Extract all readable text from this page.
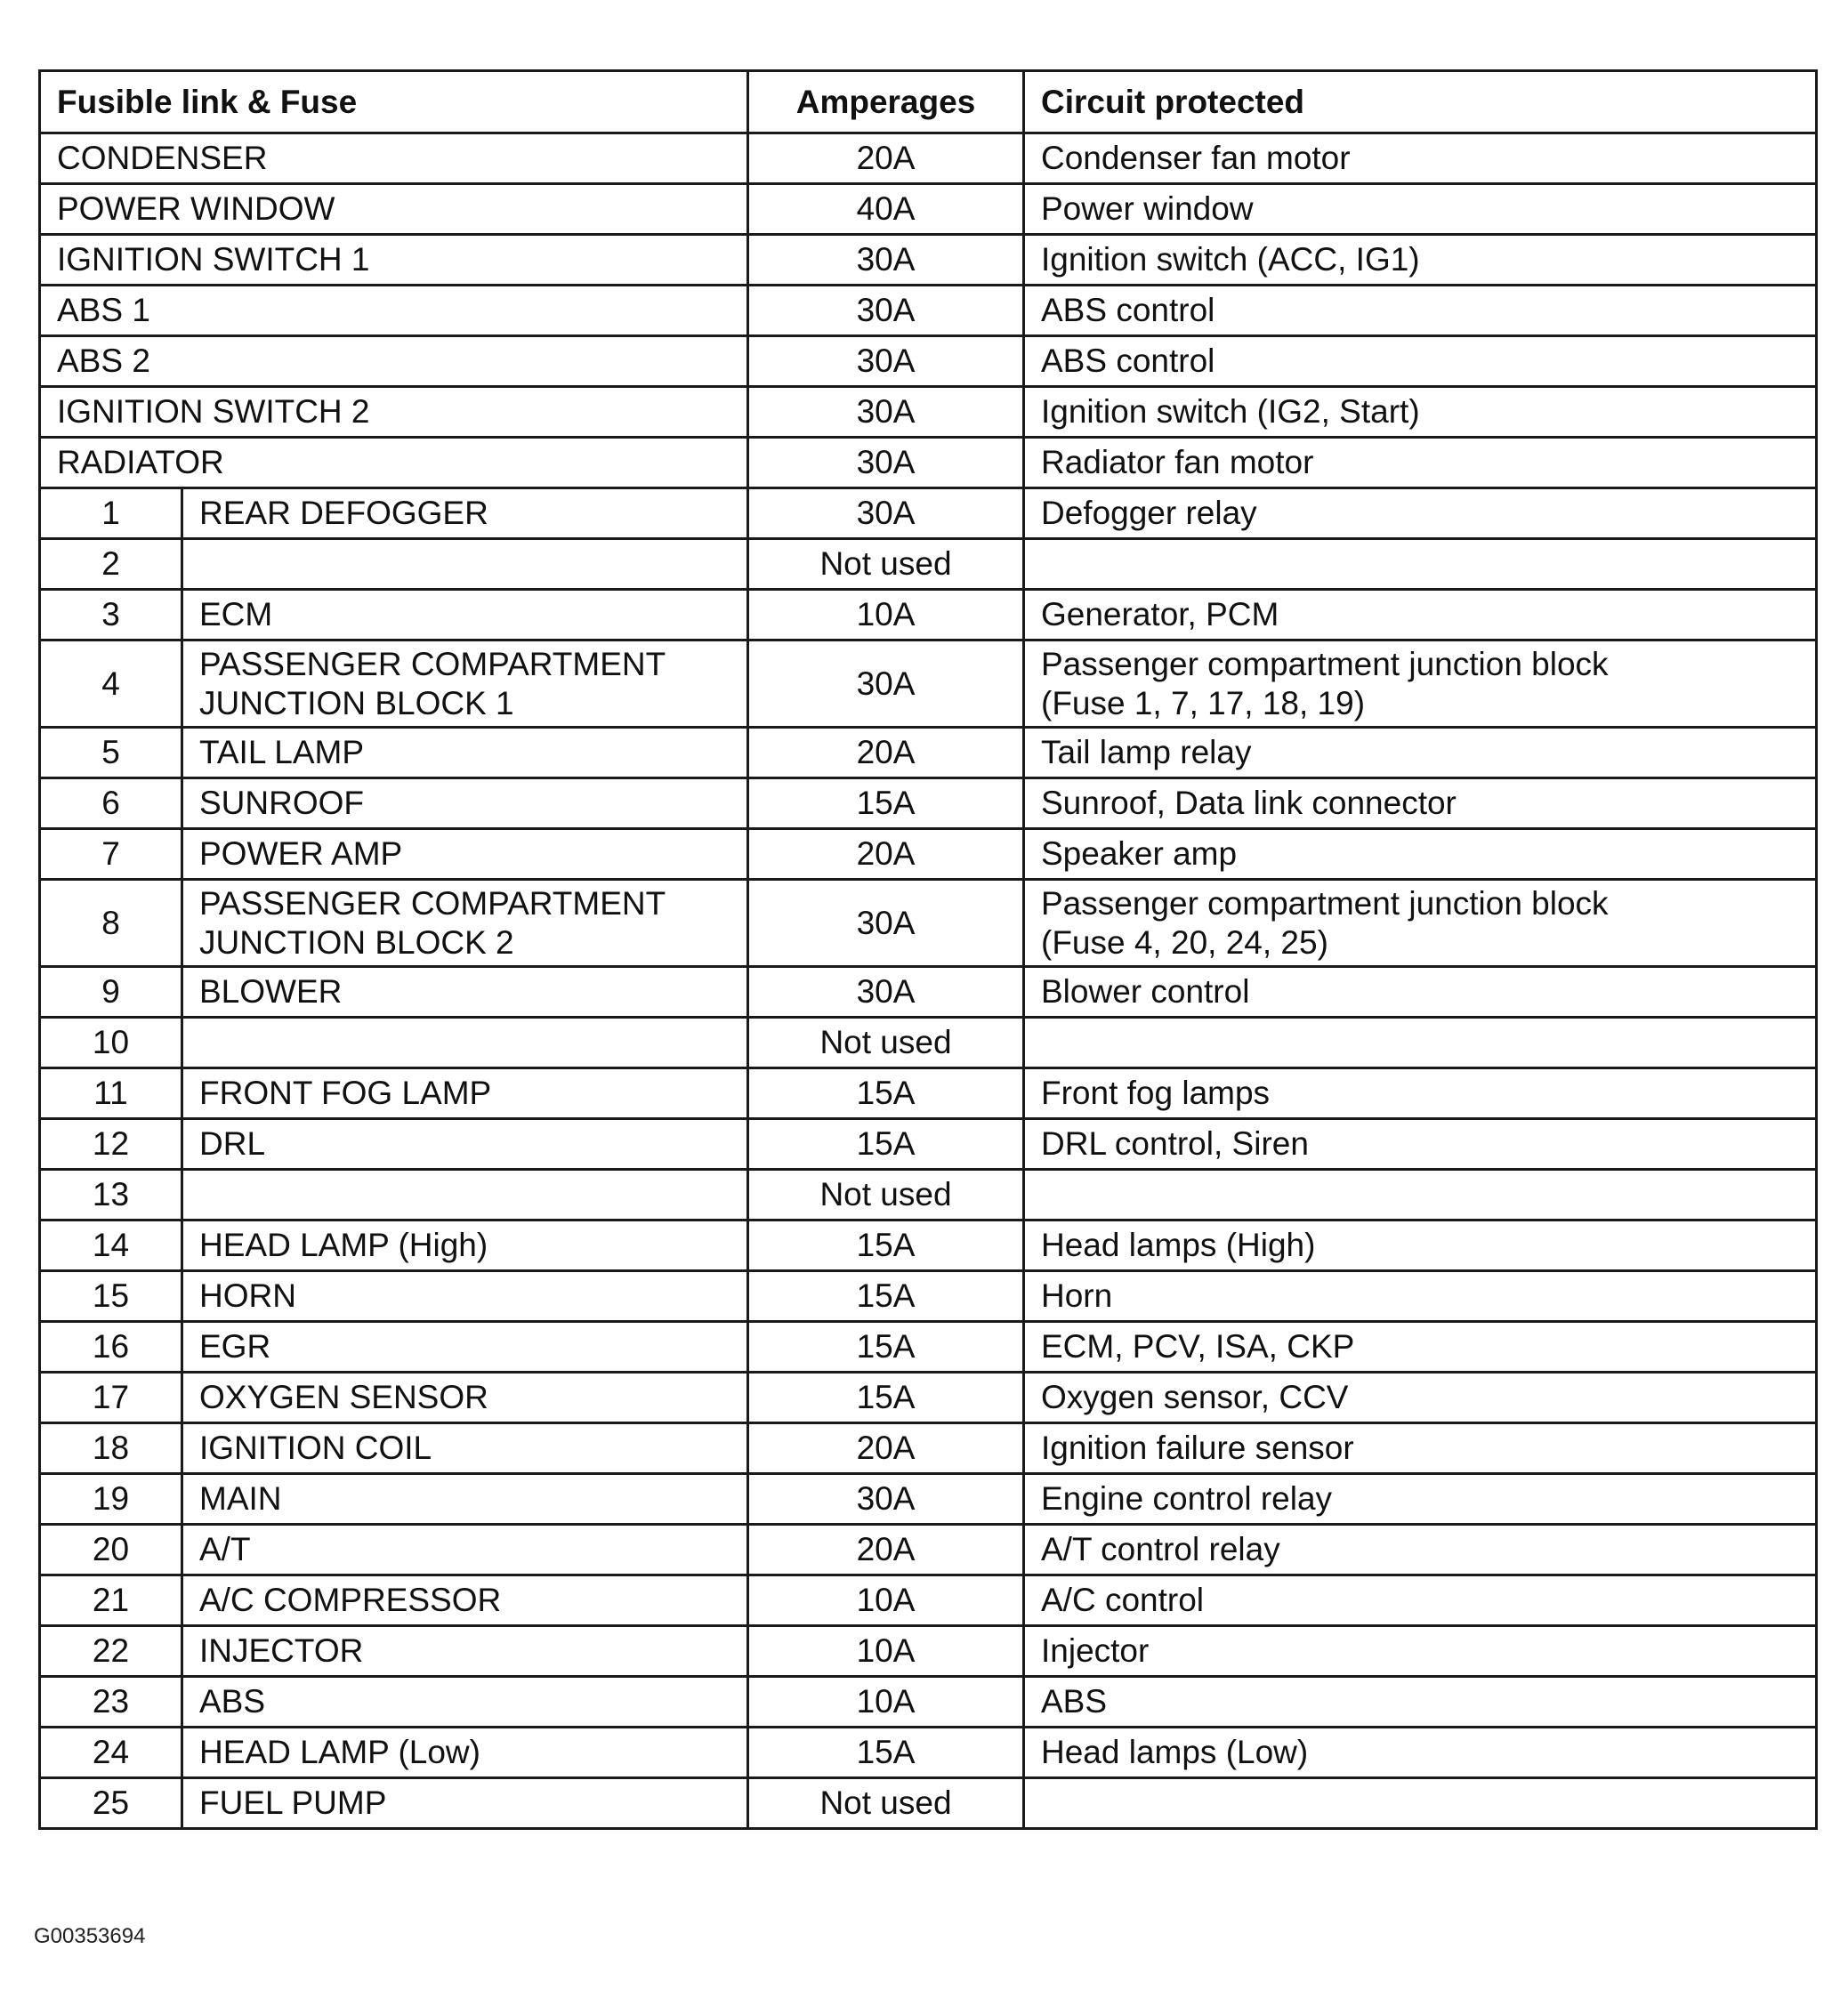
Fusible link & Fuse		Amperages	Circuit protected
CONDENSER		20A	Condenser fan motor
POWER WINDOW		40A	Power window
IGNITION SWITCH 1		30A	Ignition switch (ACC, IG1)
ABS 1		30A	ABS control
ABS 2		30A	ABS control
IGNITION SWITCH 2		30A	Ignition switch (IG2, Start)
RADIATOR		30A	Radiator fan motor
1	REAR DEFOGGER	30A	Defogger relay

2		Not used	

3	ECM	10A	Generator, PCM

4	PASSENGER COMPARTMENT
JUNCTION BLOCK 1	30A	Passenger compartment junction block
(Fuse 1, 7, 17, 18, 19)

5	TAIL LAMP	20A	Tail lamp relay

6	SUNROOF	15A	Sunroof, Data link connector

7	POWER AMP	20A	Speaker amp

8	PASSENGER COMPARTMENT
JUNCTION BLOCK 2	30A	Passenger compartment junction block
(Fuse 4, 20, 24, 25)

9	BLOWER	30A	Blower control

10		Not used	

11	FRONT FOG LAMP	15A	Front fog lamps

12	DRL	15A	DRL control, Siren

13		Not used	

14	HEAD LAMP (High)	15A	Head lamps (High)

15	HORN	15A	Horn

16	EGR	15A	ECM, PCV, ISA, CKP

17	OXYGEN SENSOR	15A	Oxygen sensor, CCV

18	IGNITION COIL	20A	Ignition failure sensor

19	MAIN	30A	Engine control relay

20	A/T	20A	A/T control relay

21	A/C COMPRESSOR	10A	A/C control

22	INJECTOR	10A	Injector

23	ABS	10A	ABS

24	HEAD LAMP (Low)	15A	Head lamps (Low)

25	FUEL PUMP	Not used	
G00353694
